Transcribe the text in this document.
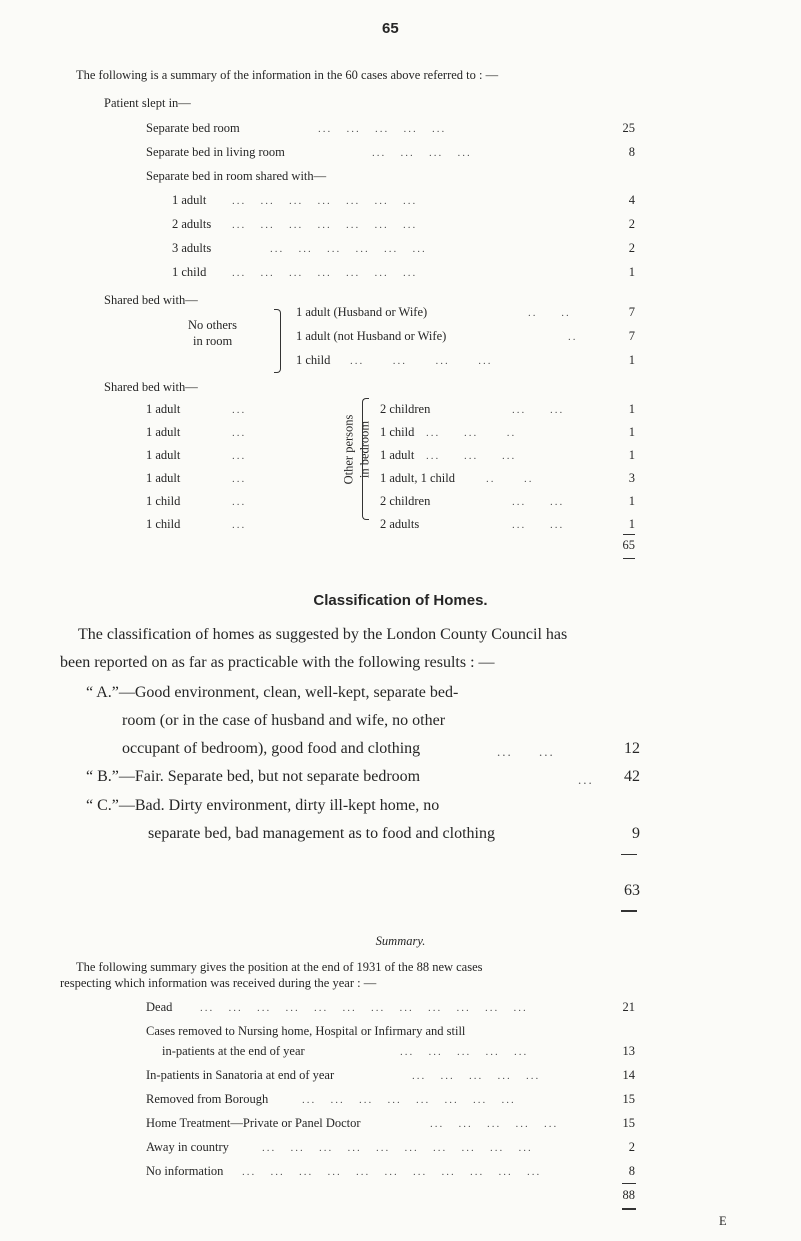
65
The following is a summary of the information in the 60 cases above referred to : —
Patient slept in—
Separate bed room	...   ...   ...   ...   ...	25
Separate bed in living room	...   ...   ...   ...	8
Separate bed in room shared with—
1 adult ...   ...   ...   ...   ...   ...   ...	4
2 adults ...   ...   ...   ...   ...   ...   ...	2
3 adults	...   ...   ...   ...   ...   ...	2
1 child ...   ...   ...   ...   ...   ...   ...	1
Shared bed with—
No others
in room
1 adult (Husband or Wife)	..     ..	7
1 adult (not Husband or Wife)	..	7
1 child ...      ...      ...      ...	1
Shared bed with—
Other persons in bedroom
1 adult	...	2 children	...     ...	1
1 adult	...	1 child ...     ...      ..	1
1 adult	...	1 adult ...     ...     ...	1
1 adult	...	1 adult, 1 child	..      ..	3
1 child	...	2 children	...     ...	1
1 child	...	2 adults	...     ...	1
65
Classification of Homes.
The classification of homes as suggested by the London County Council has
been reported on as far as practicable with the following results : —
“ A.”—Good environment, clean, well-kept, separate bed-
room (or in the case of husband and wife, no other
occupant of bedroom), good food and clothing	...     ...	12
“ B.”—Fair. Separate bed, but not separate bedroom	...	42
“ C.”—Bad. Dirty environment, dirty ill-kept home, no
separate bed, bad management as to food and clothing	9
63
Summary.
The following summary gives the position at the end of 1931 of the 88 new cases
respecting which information was received during the year : —
Dead	...   ...   ...   ...   ...   ...   ...   ...   ...   ...   ...   ...	21
Cases removed to Nursing home, Hospital or Infirmary and still
in-patients at the end of year	...   ...   ...   ...   ...	13
In-patients in Sanatoria at end of year	...   ...   ...   ...   ...	14
Removed from Borough	...   ...   ...   ...   ...   ...   ...   ...	15
Home Treatment—Private or Panel Doctor	...   ...   ...   ...   ...	15
Away in country	...   ...   ...   ...   ...   ...   ...   ...   ...   ...	2
No information ...   ...   ...   ...   ...   ...   ...   ...   ...   ...   ...	8
88
E
